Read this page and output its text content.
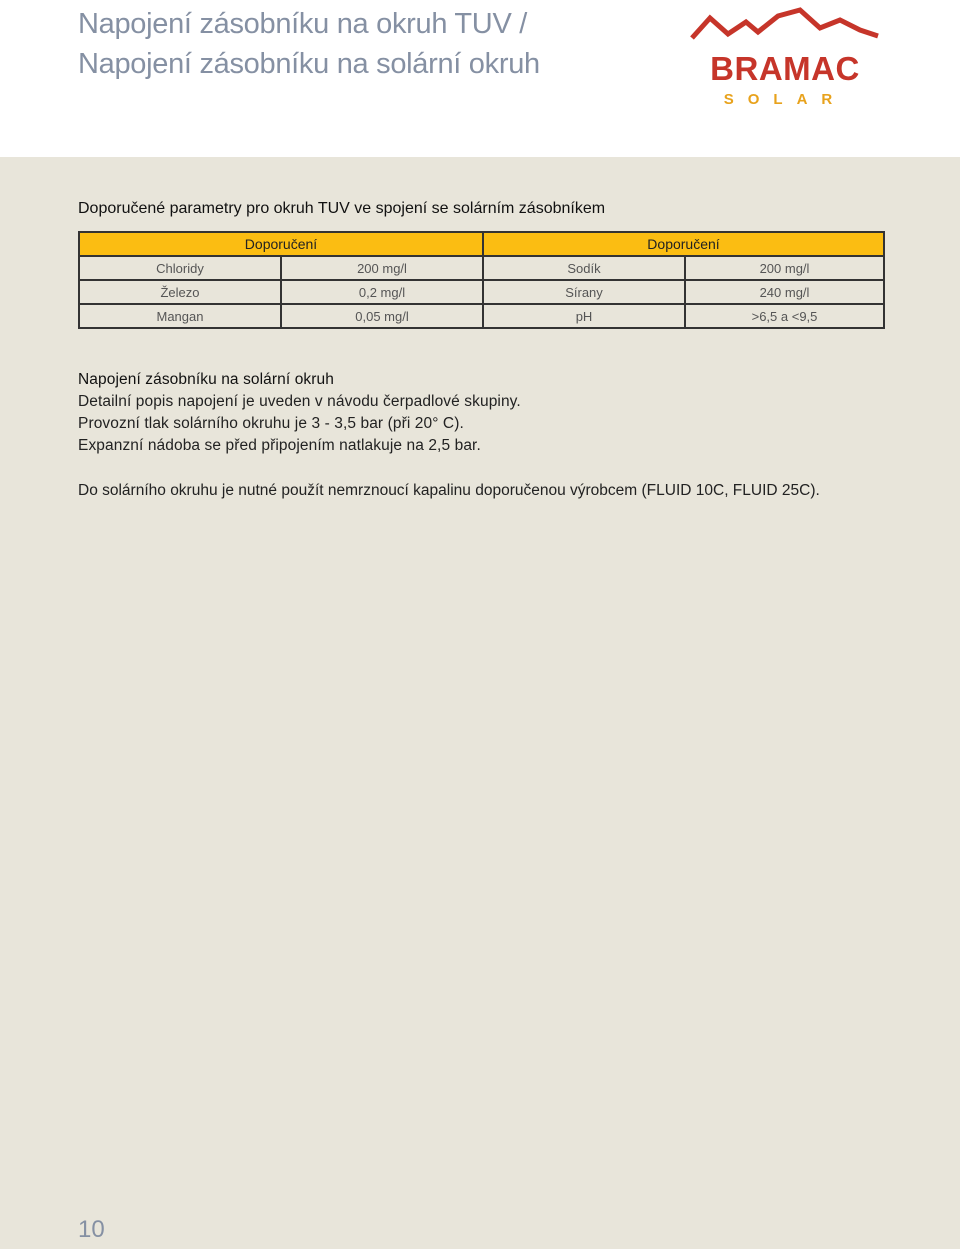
Napojení zásobníku na okruh TUV /
Napojení zásobníku na solární okruh	BRAMAC
SOLAR
Doporučené parametry pro okruh TUV ve spojení se solárním zásobníkem
Doporučení		Doporučení	
Chloridy	200 mg/l	Sodík	200 mg/l
Železo	0,2 mg/l	Sírany	240 mg/l
Mangan	0,05 mg/l	pH	>6,5 a <9,5

Napojení zásobníku na solární okruh

Detailní popis napojení je uveden v návodu čerpadlové skupiny.

Provozní tlak solárního okruhu je 3 - 3,5 bar (při 20° C).

Expanzní nádoba se před připojením natlakuje na 2,5 bar.

Do solárního okruhu je nutné použít nemrznoucí kapalinu doporučenou výrobcem (FLUID 10C, FLUID 25C).
10
